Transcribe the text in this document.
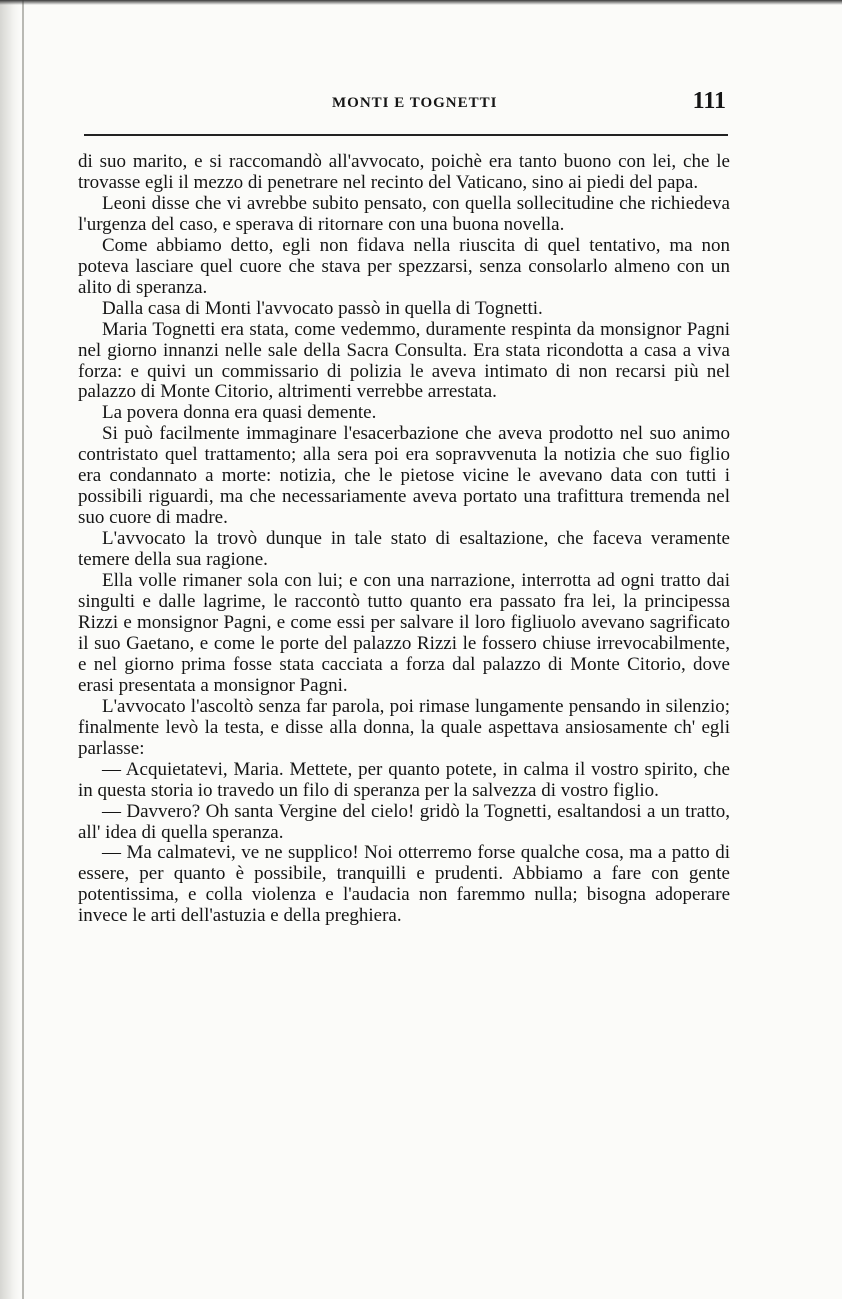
MONTI E TOGNETTI	111

di suo marito, e si raccomandò all'avvocato, poichè era tanto buono con lei, che le trovasse egli il mezzo di penetrare nel recinto del Vaticano, sino ai piedi del papa.

Leoni disse che vi avrebbe subito pensato, con quella sollecitudine che richiedeva l'urgenza del caso, e sperava di ritornare con una buona novella.

Come abbiamo detto, egli non fidava nella riuscita di quel tentativo, ma non poteva lasciare quel cuore che stava per spezzarsi, senza consolarlo almeno con un alito di speranza.

Dalla casa di Monti l'avvocato passò in quella di Tognetti.

Maria Tognetti era stata, come vedemmo, duramente respinta da monsignor Pagni nel giorno innanzi nelle sale della Sacra Consulta. Era stata ricondotta a casa a viva forza: e quivi un commissario di polizia le aveva intimato di non recarsi più nel palazzo di Monte Citorio, altrimenti verrebbe arrestata.

La povera donna era quasi demente.

Si può facilmente immaginare l'esacerbazione che aveva prodotto nel suo animo contristato quel trattamento; alla sera poi era sopravvenuta la notizia che suo figlio era condannato a morte: notizia, che le pietose vicine le avevano data con tutti i possibili riguardi, ma che necessariamente aveva portato una trafittura tremenda nel suo cuore di madre.

L'avvocato la trovò dunque in tale stato di esaltazione, che faceva veramente temere della sua ragione.

Ella volle rimaner sola con lui; e con una narrazione, interrotta ad ogni tratto dai singulti e dalle lagrime, le raccontò tutto quanto era passato fra lei, la principessa Rizzi e monsignor Pagni, e come essi per salvare il loro figliuolo avevano sagrificato il suo Gaetano, e come le porte del palazzo Rizzi le fossero chiuse irrevocabilmente, e nel giorno prima fosse stata cacciata a forza dal palazzo di Monte Citorio, dove erasi presentata a monsignor Pagni.

L'avvocato l'ascoltò senza far parola, poi rimase lungamente pensando in silenzio; finalmente levò la testa, e disse alla donna, la quale aspettava ansiosamente ch' egli parlasse:

— Acquietatevi, Maria. Mettete, per quanto potete, in calma il vostro spirito, che in questa storia io travedo un filo di speranza per la salvezza di vostro figlio.

— Davvero? Oh santa Vergine del cielo! gridò la Tognetti, esaltandosi a un tratto, all' idea di quella speranza.

— Ma calmatevi, ve ne supplico! Noi otterremo forse qualche cosa, ma a patto di essere, per quanto è possibile, tranquilli e prudenti. Abbiamo a fare con gente potentissima, e colla violenza e l'audacia non faremmo nulla; bisogna adoperare invece le arti dell'astuzia e della preghiera.
